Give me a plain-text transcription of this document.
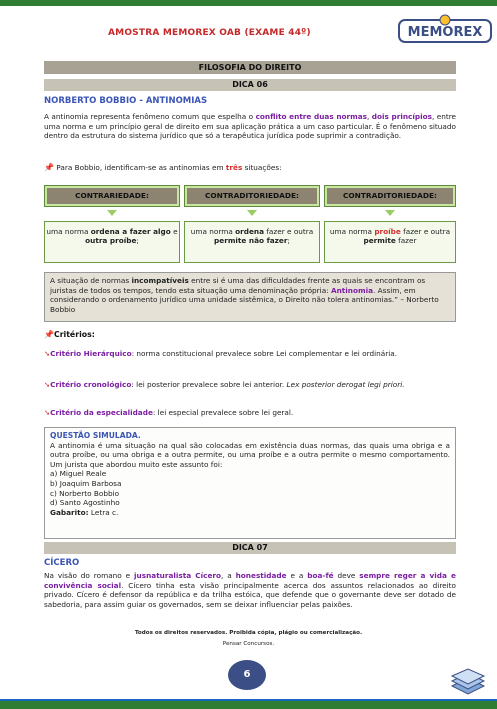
AMOSTRA MEMOREX OAB (EXAME 44º)	MEMOREX
FILOSOFIA DO DIREITO
DICA 06
NORBERTO BOBBIO - ANTINOMIAS
A antinomia representa fenômeno comum que espelha o conflito entre duas normas, dois princípios, entre uma norma e um princípio geral de direito em sua aplicação prática a um caso particular. É o fenômeno situado dentro da estrutura do sistema jurídico que só a terapêutica jurídica pode suprimir a contradição.
📌 Para Bobbio, identificam-se as antinomias em três situações:
CONTRARIEDADE:
uma norma ordena a fazer algo e outra proíbe;
CONTRADITORIEDADE:
uma norma ordena fazer e outra permite não fazer;
CONTRADITORIEDADE:
uma norma proíbe fazer e outra permite fazer
A situação de normas incompatíveis entre si é uma das dificuldades frente as quais se encontram os juristas de todos os tempos, tendo esta situação uma denominação própria: Antinomia. Assim, em considerando o ordenamento jurídico uma unidade sistêmica, o Direito não tolera antinomias.” – Norberto Bobbio
📌Critérios:
➘Critério Hierárquico: norma constitucional prevalece sobre Lei complementar e lei ordinária.
➘Critério cronológico: lei posterior prevalece sobre lei anterior. Lex posterior derogat legi priori.
➘Critério da especialidade: lei especial prevalece sobre lei geral.
QUESTÃO SIMULADA.
A antinomia é uma situação na qual são colocadas em existência duas normas, das quais uma obriga e a outra proíbe, ou uma obriga e a outra permite, ou uma proíbe e a outra permite o mesmo comportamento. Um jurista que abordou muito este assunto foi:
a) Miguel Reale
b) Joaquim Barbosa
c) Norberto Bobbio
d) Santo Agostinho
Gabarito: Letra c.
DICA 07
CÍCERO
Na visão do romano e jusnaturalista Cícero, a honestidade e a boa-fé deve sempre reger a vida e convivência social. Cícero tinha esta visão principalmente acerca dos assuntos relacionados ao direito privado. Cícero é defensor da república e da trilha estóica, que defende que o governante deve ser dotado de sabedoria, para assim guiar os governados, sem se deixar influenciar pelas paixões.
Todos os direitos reservados. Proibida cópia, plágio ou comercialização.
Pensar Concursos.
6
